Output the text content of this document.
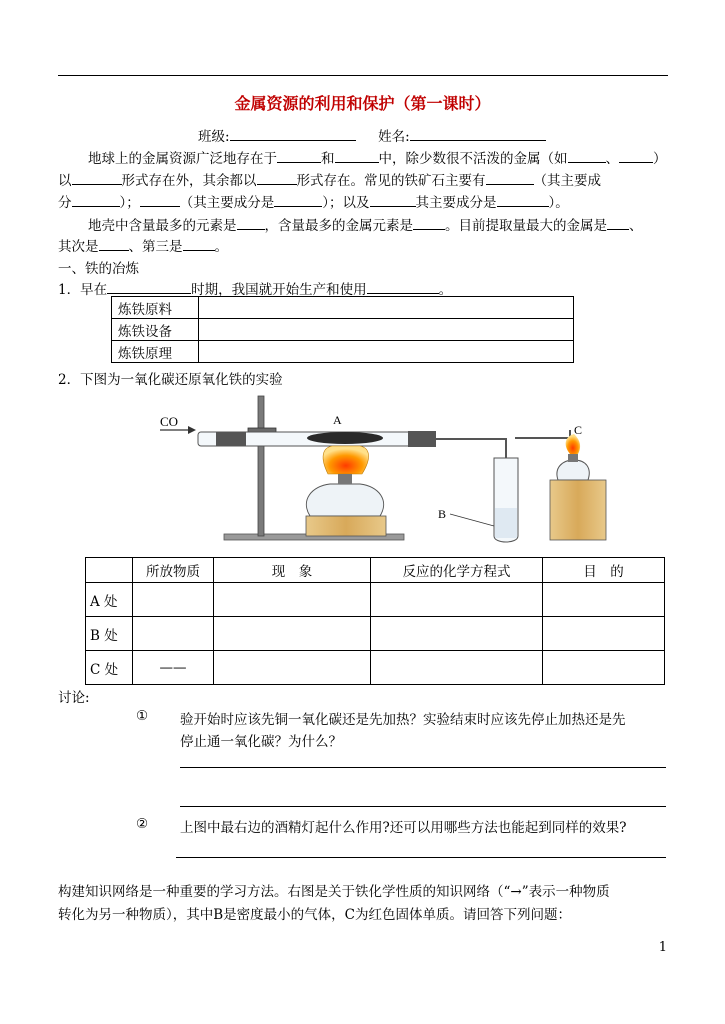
金属资源的利用和保护（第一课时）
班级:	姓名:
地球上的金属资源广泛地存在于	和	中，除少数很不活泼的金属（如	、	）
以	形式存在外，其余都以	形式存在。常见的铁矿石主要有	（其主要成
分	）；	（其主要成分是	）；以及	其主要成分是	）。
地壳中含量最多的元素是 ，含量最多的金属元素是 。目前提取量最大的金属是 、
其次是 、第三是 。
一、铁的冶炼
1．早在	时期，我国就开始生产和使用	。
炼铁原料	
炼铁设备	
炼铁原理	
2．下图为一氧化碳还原氧化铁的实验
CO	A
B
C
	所放物质	现　象	反应的化学方程式	目　的
A 处				
B 处				
C 处	——			
讨论:
① 验开始时应该先铜一氧化碳还是先加热？实验结束时应该先停止加热还是先
停止通一氧化碳？为什么？
② 上图中最右边的酒精灯起什么作用?还可以用哪些方法也能起到同样的效果?
构建知识网络是一种重要的学习方法。右图是关于铁化学性质的知识网络（“→”表示一种物质
转化为另一种物质），其中B是密度最小的气体，C为红色固体单质。请回答下列问题：
1
